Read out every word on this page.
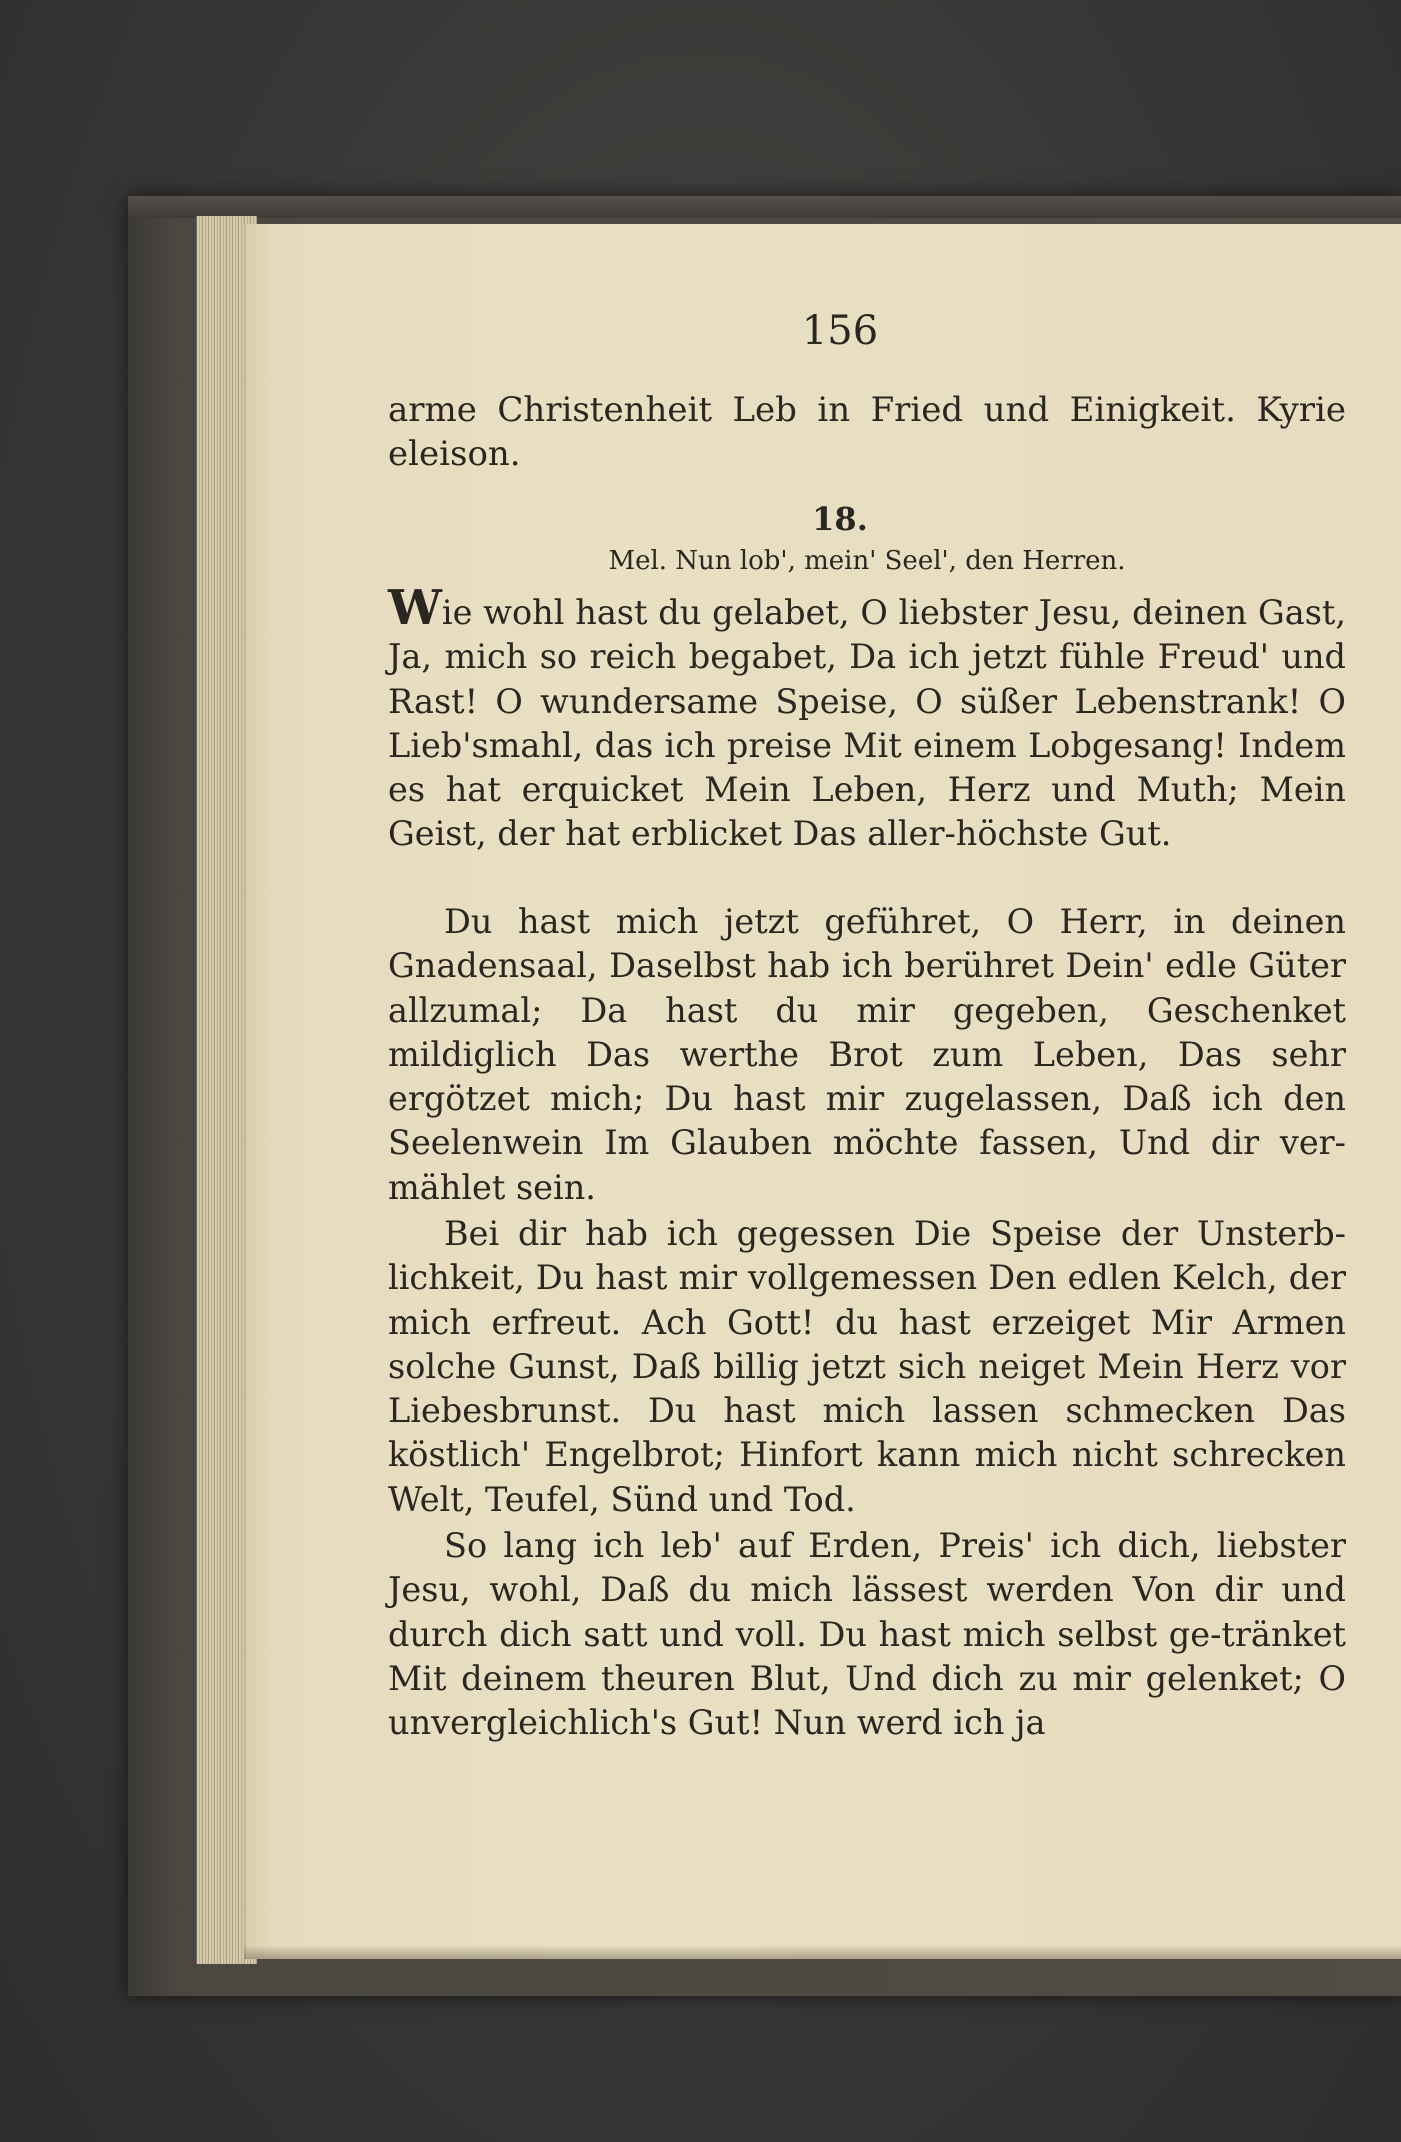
156

arme Christenheit Leb in Fried und Einigkeit. Kyrie eleison.

18.
Mel. Nun lob', mein' Seel', den Herren.

Wie wohl hast du gelabet, O liebster Jesu, deinen Gast, Ja, mich so reich begabet, Da ich jetzt fühle Freud' und Rast! O wundersame Speise, O süßer Lebenstrank! O Lieb'smahl, das ich preise Mit einem Lobgesang! Indem es hat erquicket Mein Leben, Herz und Muth; Mein Geist, der hat erblicket Das aller-höchste Gut.

Du hast mich jetzt geführet, O Herr, in deinen Gnadensaal, Daselbst hab ich berühret Dein' edle Güter allzumal; Da hast du mir gegeben, Geschenket mildiglich Das werthe Brot zum Leben, Das sehr ergötzet mich; Du hast mir zugelassen, Daß ich den Seelenwein Im Glauben möchte fassen, Und dir ver-mählet sein.

Bei dir hab ich gegessen Die Speise der Unsterb-lichkeit, Du hast mir vollgemessen Den edlen Kelch, der mich erfreut. Ach Gott! du hast erzeiget Mir Armen solche Gunst, Daß billig jetzt sich neiget Mein Herz vor Liebesbrunst. Du hast mich lassen schmecken Das köstlich' Engelbrot; Hinfort kann mich nicht schrecken Welt, Teufel, Sünd und Tod.

So lang ich leb' auf Erden, Preis' ich dich, liebster Jesu, wohl, Daß du mich lässest werden Von dir und durch dich satt und voll. Du hast mich selbst ge-tränket Mit deinem theuren Blut, Und dich zu mir gelenket; O unvergleichlich's Gut! Nun werd ich ja
